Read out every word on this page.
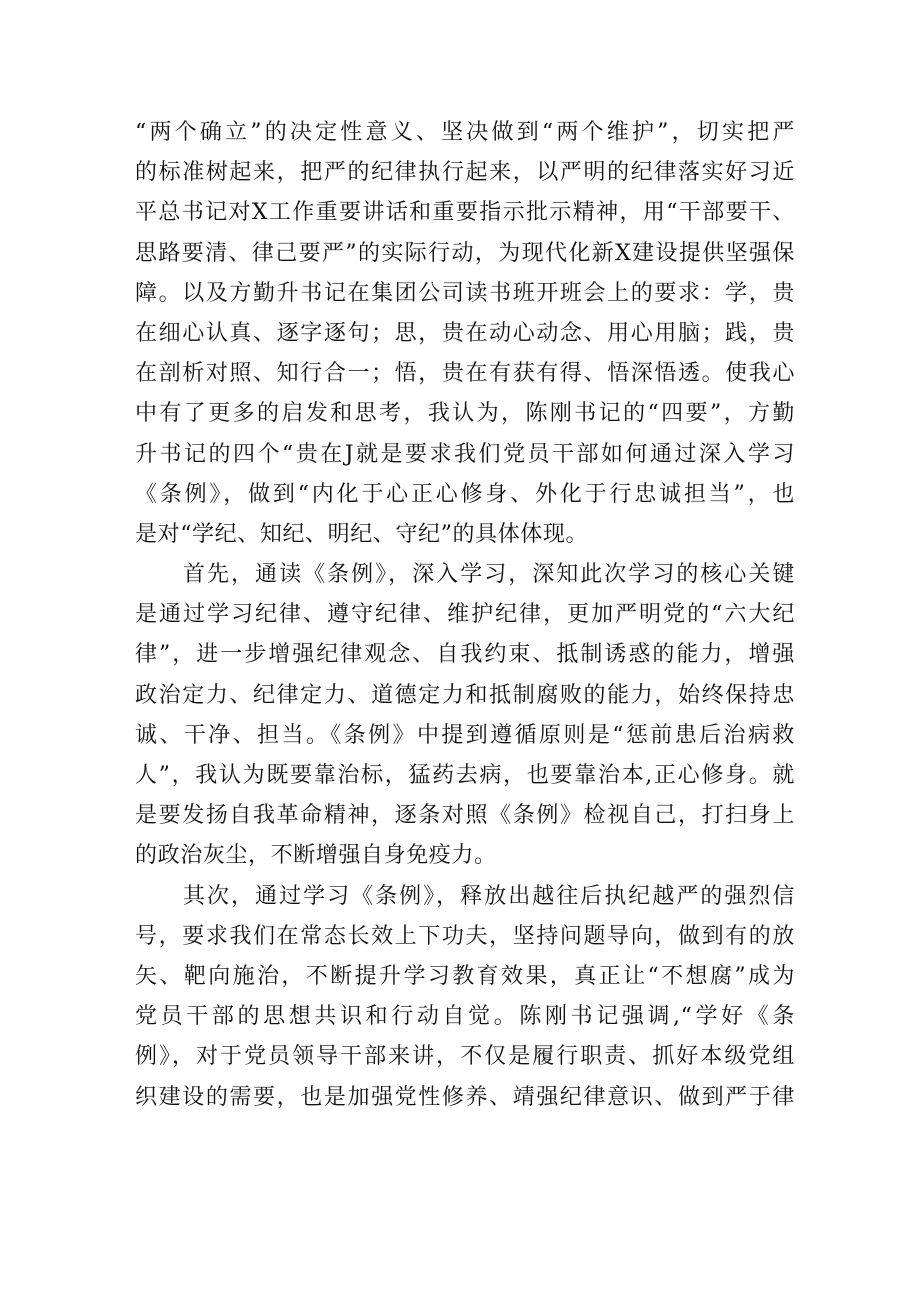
“两个确立”的决定性意义、坚决做到“两个维护”，切实把严
的标准树起来，把严的纪律执行起来，以严明的纪律落实好习近
平总书记对X工作重要讲话和重要指示批示精神，用“干部要干、
思路要清、律己要严”的实际行动，为现代化新X建设提供坚强保
障。以及方勤升书记在集团公司读书班开班会上的要求：学，贵
在细心认真、逐字逐句；思，贵在动心动念、用心用脑；践，贵
在剖析对照、知行合一；悟，贵在有获有得、悟深悟透。使我心
中有了更多的启发和思考，我认为，陈刚书记的“四要”，方勤
升书记的四个“贵在J就是要求我们党员干部如何通过深入学习
《条例》，做到“内化于心正心修身、外化于行忠诚担当”，也
是对“学纪、知纪、明纪、守纪”的具体体现。
首先，通读《条例》，深入学习，深知此次学习的核心关键
是通过学习纪律、遵守纪律、维护纪律，更加严明党的“六大纪
律”，进一步增强纪律观念、自我约束、抵制诱惑的能力，增强
政治定力、纪律定力、道德定力和抵制腐败的能力，始终保持忠
诚、干净、担当。《条例》中提到遵循原则是“惩前患后治病救
人”，我认为既要靠治标，猛药去病，也要靠治本,正心修身。就
是要发扬自我革命精神，逐条对照《条例》检视自己，打扫身上
的政治灰尘，不断增强自身免疫力。
其次，通过学习《条例》，释放出越往后执纪越严的强烈信
号，要求我们在常态长效上下功夫，坚持问题导向，做到有的放
矢、靶向施治，不断提升学习教育效果，真正让“不想腐”成为
党员干部的思想共识和行动自觉。陈刚书记强调,“学好《条
例》，对于党员领导干部来讲，不仅是履行职责、抓好本级党组
织建设的需要，也是加强党性修养、靖强纪律意识、做到严于律
